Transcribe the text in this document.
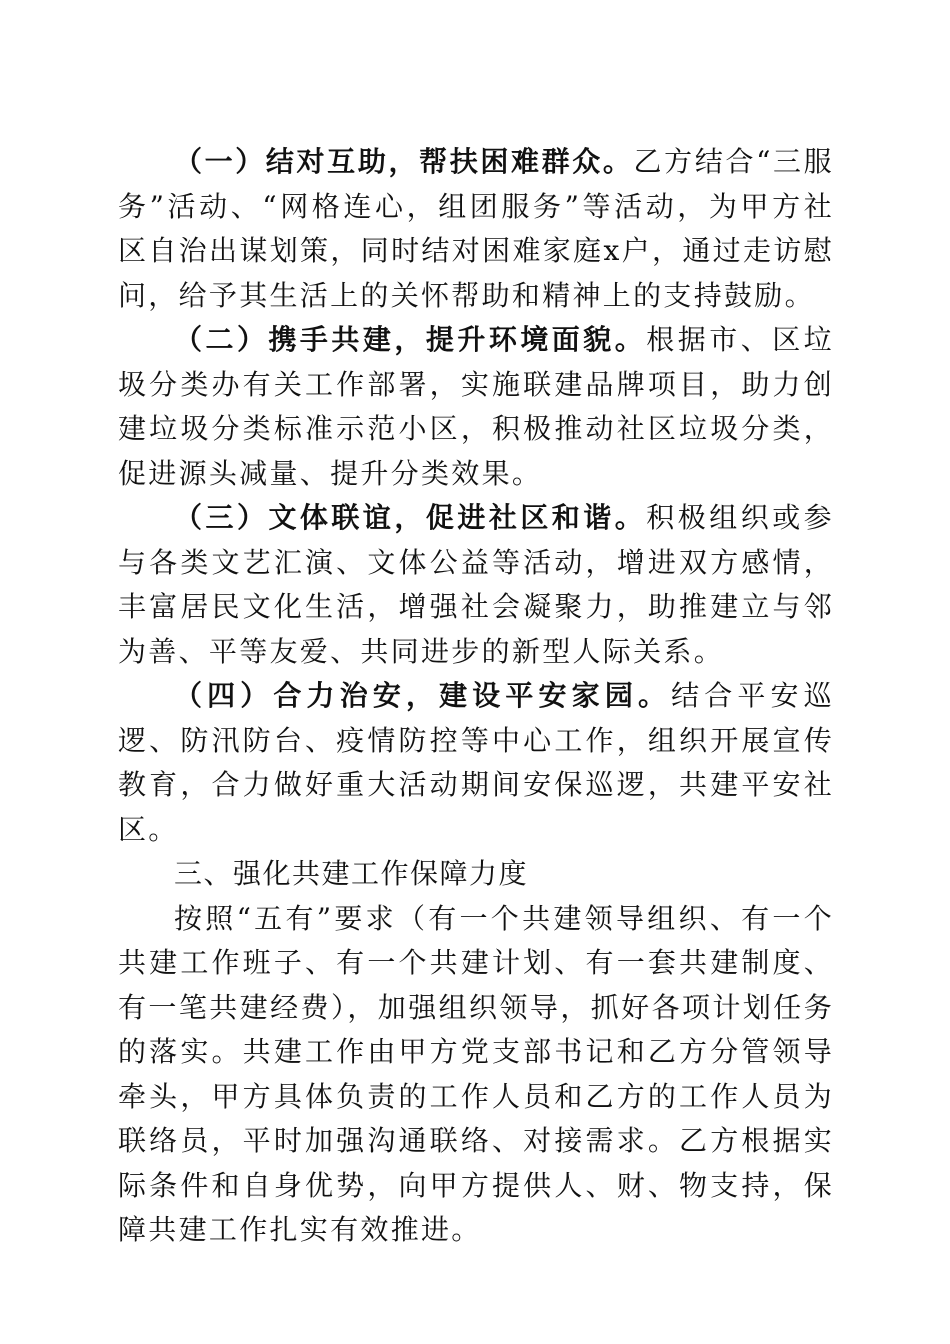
（一）结对互助，帮扶困难群众。乙方结合“三服务”活动、“网格连心，组团服务”等活动，为甲方社区自治出谋划策，同时结对困难家庭x户，通过走访慰问，给予其生活上的关怀帮助和精神上的支持鼓励。

（二）携手共建，提升环境面貌。根据市、区垃圾分类办有关工作部署，实施联建品牌项目，助力创建垃圾分类标准示范小区，积极推动社区垃圾分类，促进源头减量、提升分类效果。

（三）文体联谊，促进社区和谐。积极组织或参与各类文艺汇演、文体公益等活动，增进双方感情，丰富居民文化生活，增强社会凝聚力，助推建立与邻为善、平等友爱、共同进步的新型人际关系。

（四）合力治安，建设平安家园。结合平安巡逻、防汛防台、疫情防控等中心工作，组织开展宣传教育，合力做好重大活动期间安保巡逻，共建平安社区。

三、强化共建工作保障力度

按照“五有”要求（有一个共建领导组织、有一个共建工作班子、有一个共建计划、有一套共建制度、有一笔共建经费），加强组织领导，抓好各项计划任务的落实。共建工作由甲方党支部书记和乙方分管领导牵头，甲方具体负责的工作人员和乙方的工作人员为联络员，平时加强沟通联络、对接需求。乙方根据实际条件和自身优势，向甲方提供人、财、物支持，保障共建工作扎实有效推进。
